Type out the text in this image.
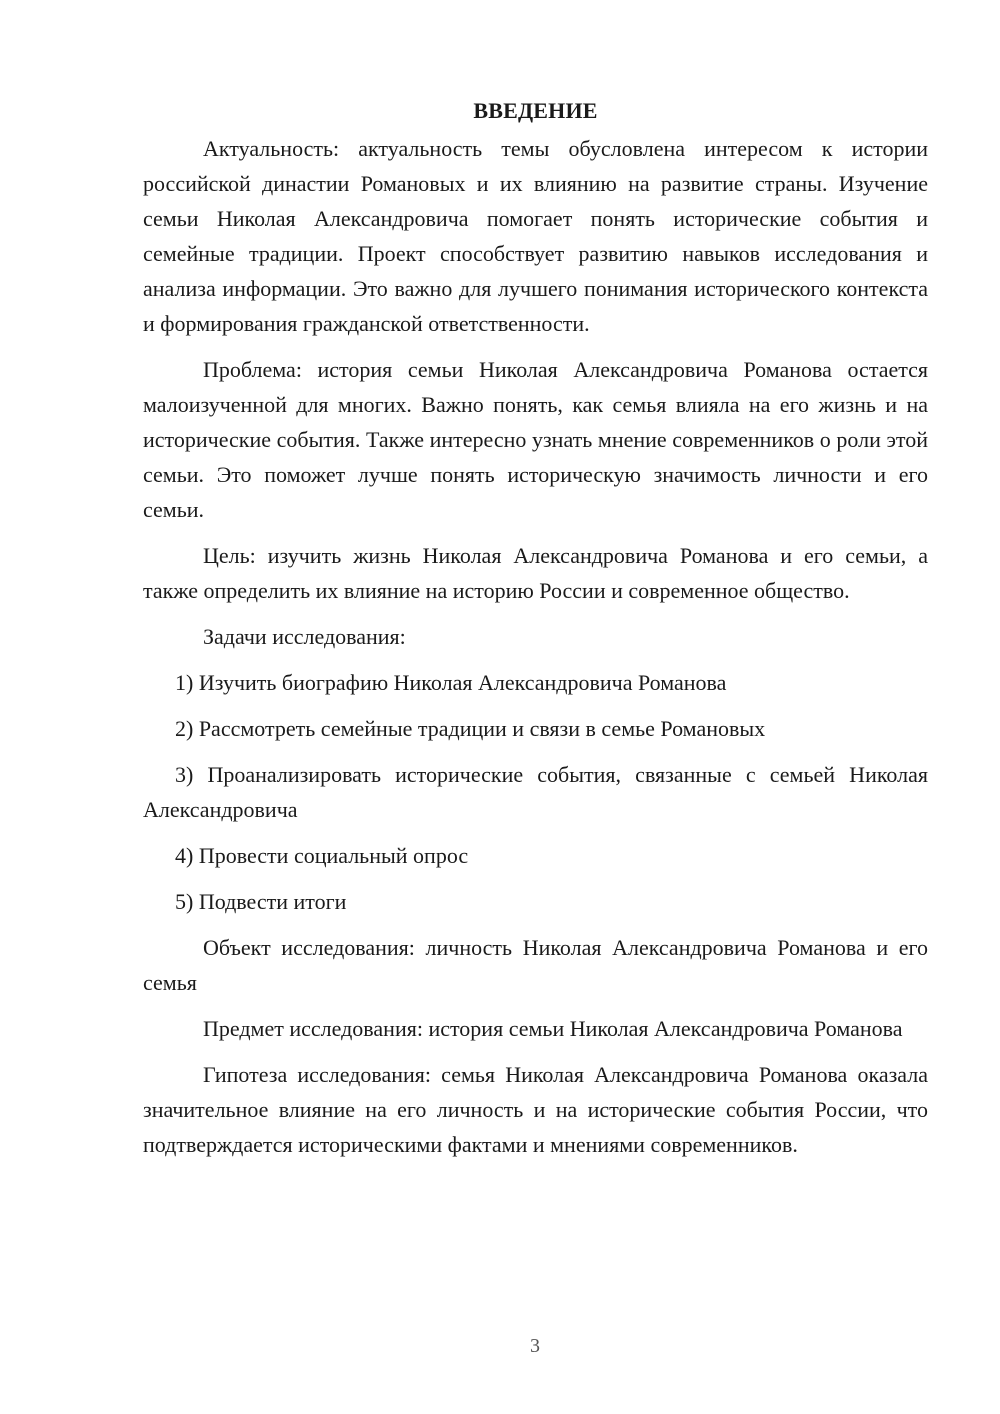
ВВЕДЕНИЕ

Актуальность: актуальность темы обусловлена интересом к истории российской династии Романовых и их влиянию на развитие страны. Изучение семьи Николая Александровича помогает понять исторические события и семейные традиции. Проект способствует развитию навыков исследования и анализа информации. Это важно для лучшего понимания исторического контекста и формирования гражданской ответственности.

Проблема: история семьи Николая Александровича Романова остается малоизученной для многих. Важно понять, как семья влияла на его жизнь и на исторические события. Также интересно узнать мнение современников о роли этой семьи. Это поможет лучше понять историческую значимость личности и его семьи.

Цель: изучить жизнь Николая Александровича Романова и его семьи, а также определить их влияние на историю России и современное общество.

Задачи исследования:

1) Изучить биографию Николая Александровича Романова

2) Рассмотреть семейные традиции и связи в семье Романовых

3) Проанализировать исторические события, связанные с семьей Николая Александровича

4) Провести социальный опрос

5) Подвести итоги

Объект исследования: личность Николая Александровича Романова и его семья

Предмет исследования: история семьи Николая Александровича Романова

Гипотеза исследования: семья Николая Александровича Романова оказала значительное влияние на его личность и на исторические события России, что подтверждается историческими фактами и мнениями современников.

3
